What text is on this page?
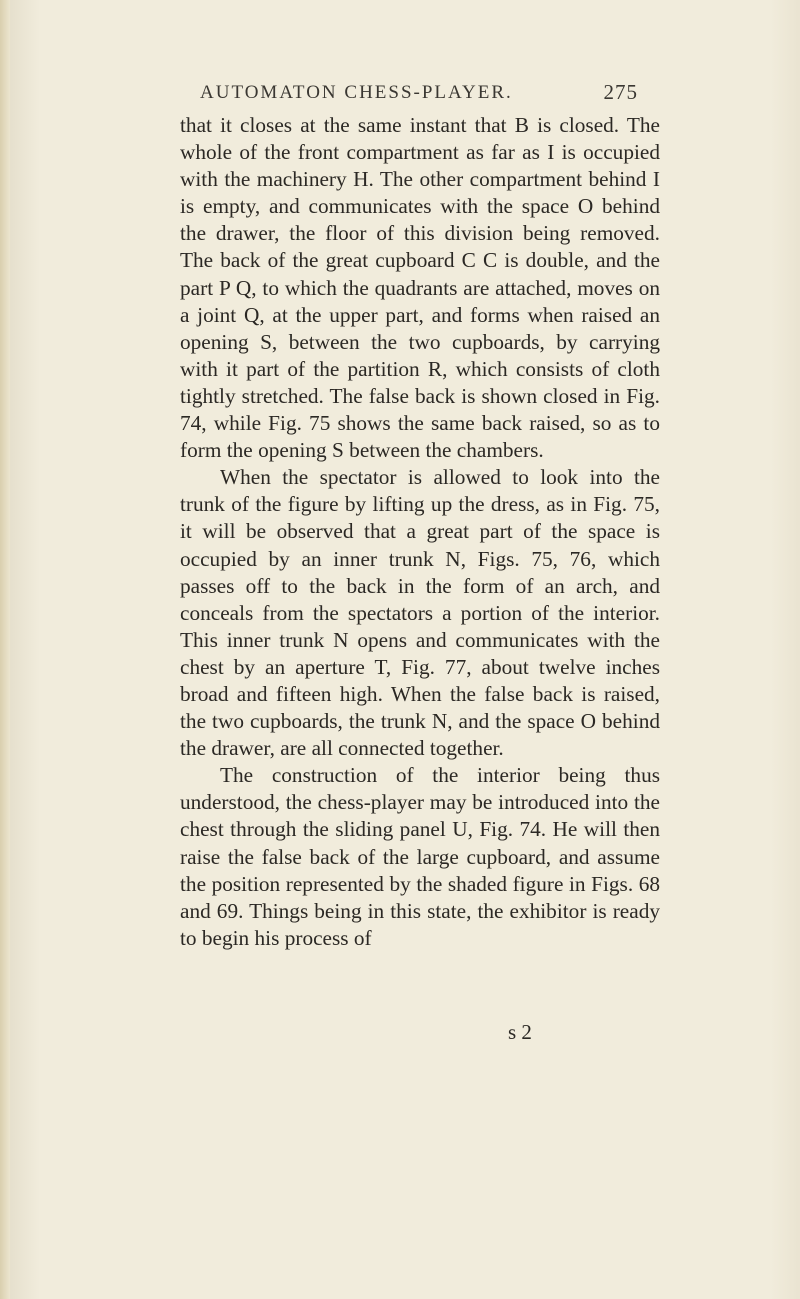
AUTOMATON CHESS-PLAYER.	275

that it closes at the same instant that B is closed. The whole of the front compartment as far as I is occupied with the machinery H. The other compartment behind I is empty, and communicates with the space O behind the drawer, the floor of this division being removed. The back of the great cupboard C C is double, and the part P Q, to which the quadrants are attached, moves on a joint Q, at the upper part, and forms when raised an opening S, between the two cupboards, by carrying with it part of the partition R, which consists of cloth tightly stretched. The false back is shown closed in Fig. 74, while Fig. 75 shows the same back raised, so as to form the opening S between the chambers.

When the spectator is allowed to look into the trunk of the figure by lifting up the dress, as in Fig. 75, it will be observed that a great part of the space is occupied by an inner trunk N, Figs. 75, 76, which passes off to the back in the form of an arch, and conceals from the spectators a portion of the interior. This inner trunk N opens and communicates with the chest by an aperture T, Fig. 77, about twelve inches broad and fifteen high. When the false back is raised, the two cupboards, the trunk N, and the space O behind the drawer, are all connected together.

The construction of the interior being thus understood, the chess-player may be introduced into the chest through the sliding panel U, Fig. 74. He will then raise the false back of the large cupboard, and assume the position represented by the shaded figure in Figs. 68 and 69. Things being in this state, the exhibitor is ready to begin his process of

s 2
